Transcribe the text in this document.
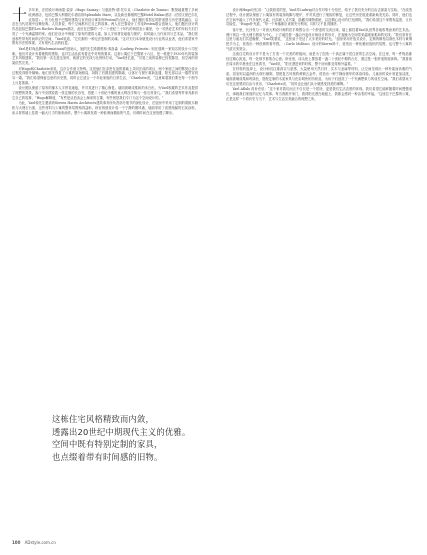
十多年来，法国设计师雨果·索泽（Hugo Sauzay）与夏洛特·德·托尔克（Charlotte de Tonnac）默契地重塑了多间欧洲酒店，包括巴黎大利德托尔酒店的Splendido Mare，以及新近修缮的巴黎Hotel Balzac酒店（法国文豪巴尔扎克故居）。作为扎根于巴黎的建筑与室内设计事务所Festen的合伙人，他们擅长将居住的舒适感与历史建筑融合，以及在当代语境中诠释经典。人们常说，每个空间都有它自己的故事。两人在巴黎设计工作室Festen联合创始人，他们擅长设计的作品包括巴黎的Les Roches Rouges酒店，此后在巴黎的一个二十世纪三十年代的两居室公寓里，为一对热爱艺术的年轻夫妇打造了一个充满温情的家。他们在设计中保留了原有的建筑元素，如人字形拼花地板与壁炉，同时融入当代家具与艺术品。“我们热爱那些带有时间印记的空间，”Yael说道，“它们拥有一种无法复制的灵魂。”这对夫妇本身就是设计行业的从业者，他们希望家中既有历史的厚重，又有现代生活的轻盈。

Yael是时尚品牌Informations的创始人，她的先生路德维格·弗洛森（Ludwig Frössén）则在瑞典一家知名的设计公司任职。他们对设计有着敏锐的感知，也对生活品质有着近乎苛刻的要求。这套公寓位于巴黎第十六区，是一栋建于1930年代的装饰艺术风格建筑。“我们第一次走进这里时，就被它的光线与比例所打动，”Yael回忆道，“尽管之前的装修已经很陈旧，但空间的骨架依然完美。”

对Hugo和Charlotte来说，这次合作意义特殊。这是他们在亲密友谊的基础上共同完成的项目，两个家庭之间的默契让设计过程变得格外顺畅。他们首先恢复了公寓的原始格局，拆除了后期加建的隔墙，让客厅与餐厅重新连通，阳光得以从一端贯穿到另一端。“我们希望保留这里的历史感，同时让它适合一个年轻家庭的日常生活，”Charlotte说，“这意味着我们要在每一个细节上反复推敲。”

设计团队保留了原有的橡木人字拼花地板，并对其进行了精心修复。墙面被刷成柔和的米白色，为Yael收藏的艺术作品提供了理想的背景。客厅中央摆放着一张定制的长沙发，搭配二十世纪中期的意大利扶手椅与一张石材茶几。“我们希望每件家具都有它自己的故事，”Hugo解释道，“有些是从拍卖会上淘来的古董，有些则是我们专门为这个空间设计的。”

为此，Yael和先生邀请到Steven Harris Architects建筑事务所负责部分细节的深化设计，在厨房中采用了定制的胡桃木橱柜与大理石台面，这些材料与公寓的整体氛围相得益彰。卧室则被设计成一个宁静的避风港，墙面采用了质感细腻的石灰涂料，床头背景墙上挂着一幅大尺寸的抽象画作。整个公寓散发着一种低调而精致的气息，仿佛时间在这里放慢了脚步。

这栋住宅风格精致而内敛，
透露出20世纪中期现代主义的优雅。
空间中既有特别定制的家具，
也点缀着带有时间感的旧物。

设计师Hugo回忆说：“让我欣赏的是，Yael对Ludwig对合作对象十分信任，给予了我们充分的自由去探索与实验。”在改造过程中，设计团队保留了公寓原有的装饰线脚与壁炉，并对其进行了细致的修复，让这些历史痕迹重新焕发光彩。同时，他们也在空间中融入了许多现代元素，比如嵌入式书架、隐藏式储物系统，以及精心设计的灯光照明。“我们希望这个家既有温度，又有功能性，”Hugo补充道，“每一个角落都应该被充分利用，同时又不显得拥挤。”

客厅里，长沙发与一对意大利设计师的扶手椅围合出一个舒适的交谈区域，墙上悬挂着Yael从世界各地收集而来的艺术品。餐厅则以一张大理石圆桌为中心，上方悬挂着一盏由丹麦设计师设计的吊灯，在夜晚为空间带来温暖而柔和的光线。“我们常常在这里与朋友们共进晚餐，”Yael笑着说，“这张桌子见证了太多美好的时光。”厨房采用开放式设计，定制的橱柜以深色木材与黄铜把手为主，营造出一种低调的奢华感。（Carlo Mollino）设计的Sierra椅子，营造出一种优雅而放松的氛围，也与整个公寓的气质完美契合。

这座住宅的设计并不是为了打造一个完美的样板间，而是为了创造一个真正属于居住者的生活空间。在这里，每一件物品都经过精心挑选，每一处细节都饱含心意。卧室里，床头柜上摆放着一盏二十世纪中期的台灯，窗边是一张舒适的阅读椅。“我喜欢在周末的早晨坐在这里看书，”Yael说，“阳光洒进来的时候，整个房间都变得格外温柔。”

在材料的选择上，设计师们注重真实与质感，大量使用天然石材、实木与亚麻等材料，让空间呈现出一种朴素而高雅的气质。浴室则以温润的大理石铺陈，搭配复古风格的黄铜五金件，营造出一种宁静而奢华的沐浴体验。儿童房的设计则更加活泼，墙面被刷成柔和的绿色，搭配定制的木质家具与色彩明快的纺织品，为孩子们创造了一个充满想象力的成长空间。“我们希望孩子们在这里感到自由与快乐，”Charlotte说，“同时也让他们从小就感受到美的熏陶。”

Yael Aflalo 再补充说：“这个家对我们而言不仅仅是一个居所，更是我们生活态度的体现。我们希望它能够随着时间慢慢成长，承载我们家庭的记忆与故事。每当我推开家门，看到阳光洒在地板上，我都会感到一种由衷的幸福。”这座位于巴黎的公寓，正是这样一个将历史与当下、艺术与生活完美融合的理想之所。

100 ADstyle.com.cn
